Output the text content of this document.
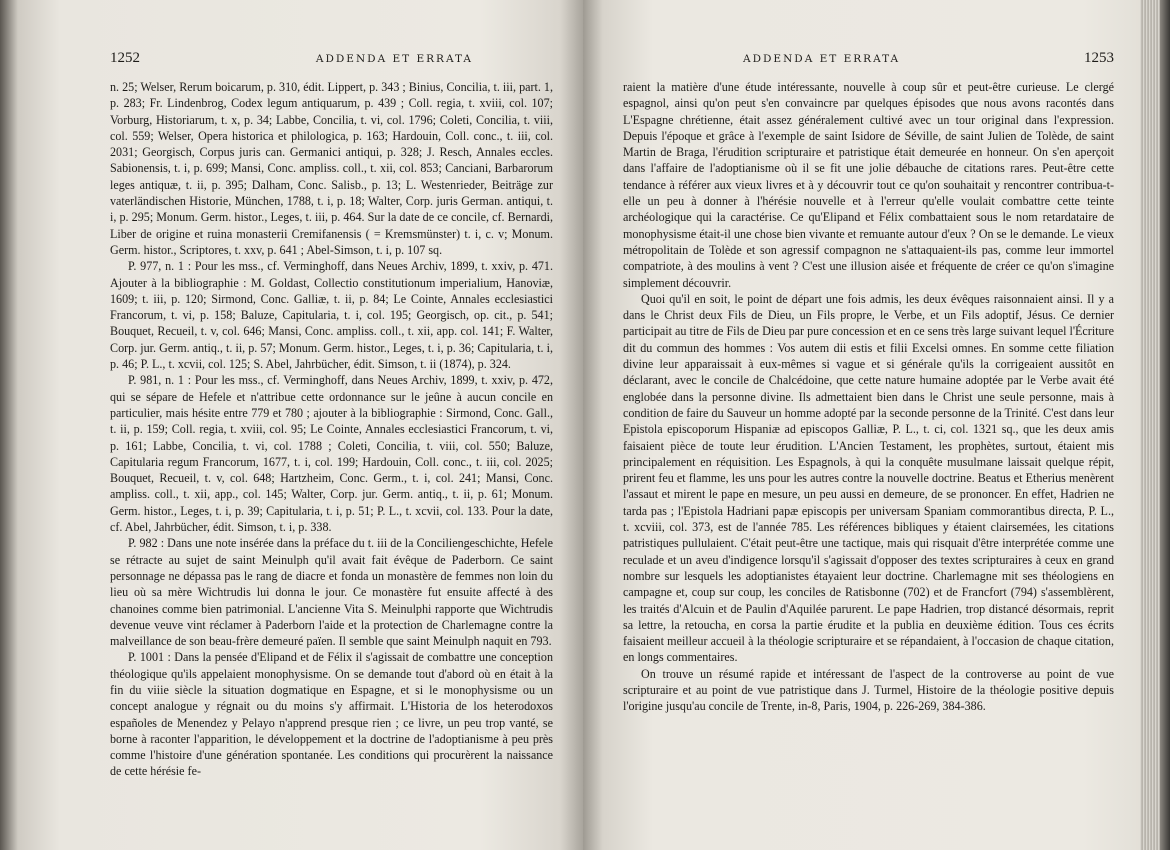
1252	ADDENDA ET ERRATA

n. 25; Welser, Rerum boicarum, p. 310, édit. Lippert, p. 343 ; Binius, Concilia, t. iii, part. 1, p. 283; Fr. Lindenbrog, Codex legum antiquarum, p. 439 ; Coll. regia, t. xviii, col. 107; Vorburg, Historiarum, t. x, p. 34; Labbe, Concilia, t. vi, col. 1796; Coleti, Concilia, t. viii, col. 559; Welser, Opera historica et philologica, p. 163; Hardouin, Coll. conc., t. iii, col. 2031; Georgisch, Corpus juris can. Germanici antiqui, p. 328; J. Resch, Annales eccles. Sabionensis, t. i, p. 699; Mansi, Conc. ampliss. coll., t. xii, col. 853; Canciani, Barbarorum leges antiquæ, t. ii, p. 395; Dalham, Conc. Salisb., p. 13; L. Westenrieder, Beiträge zur vaterländischen Historie, München, 1788, t. i, p. 18; Walter, Corp. juris German. antiqui, t. i, p. 295; Monum. Germ. histor., Leges, t. iii, p. 464. Sur la date de ce concile, cf. Bernardi, Liber de origine et ruina monasterii Cremifanensis ( = Kremsmünster) t. i, c. v; Monum. Germ. histor., Scriptores, t. xxv, p. 641 ; Abel-Simson, t. i, p. 107 sq.

P. 977, n. 1 : Pour les mss., cf. Verminghoff, dans Neues Archiv, 1899, t. xxiv, p. 471. Ajouter à la bibliographie : M. Goldast, Collectio constitutionum imperialium, Hanoviæ, 1609; t. iii, p. 120; Sirmond, Conc. Galliæ, t. ii, p. 84; Le Cointe, Annales ecclesiastici Francorum, t. vi, p. 158; Baluze, Capitularia, t. i, col. 195; Georgisch, op. cit., p. 541; Bouquet, Recueil, t. v, col. 646; Mansi, Conc. ampliss. coll., t. xii, app. col. 141; F. Walter, Corp. jur. Germ. antiq., t. ii, p. 57; Monum. Germ. histor., Leges, t. i, p. 36; Capitularia, t. i, p. 46; P. L., t. xcvii, col. 125; S. Abel, Jahrbücher, édit. Simson, t. ii (1874), p. 324.

P. 981, n. 1 : Pour les mss., cf. Verminghoff, dans Neues Archiv, 1899, t. xxiv, p. 472, qui se sépare de Hefele et n'attribue cette ordonnance sur le jeûne à aucun concile en particulier, mais hésite entre 779 et 780 ; ajouter à la bibliographie : Sirmond, Conc. Gall., t. ii, p. 159; Coll. regia, t. xviii, col. 95; Le Cointe, Annales ecclesiastici Francorum, t. vi, p. 161; Labbe, Concilia, t. vi, col. 1788 ; Coleti, Concilia, t. viii, col. 550; Baluze, Capitularia regum Francorum, 1677, t. i, col. 199; Hardouin, Coll. conc., t. iii, col. 2025; Bouquet, Recueil, t. v, col. 648; Hartzheim, Conc. Germ., t. i, col. 241; Mansi, Conc. ampliss. coll., t. xii, app., col. 145; Walter, Corp. jur. Germ. antiq., t. ii, p. 61; Monum. Germ. histor., Leges, t. i, p. 39; Capitularia, t. i, p. 51; P. L., t. xcvii, col. 133. Pour la date, cf. Abel, Jahrbücher, édit. Simson, t. i, p. 338.

P. 982 : Dans une note insérée dans la préface du t. iii de la Conciliengeschichte, Hefele se rétracte au sujet de saint Meinulph qu'il avait fait évêque de Paderborn. Ce saint personnage ne dépassa pas le rang de diacre et fonda un monastère de femmes non loin du lieu où sa mère Wichtrudis lui donna le jour. Ce monastère fut ensuite affecté à des chanoines comme bien patrimonial. L'ancienne Vita S. Meinulphi rapporte que Wichtrudis devenue veuve vint réclamer à Paderborn l'aide et la protection de Charlemagne contre la malveillance de son beau-frère demeuré païen. Il semble que saint Meinulph naquit en 793.

P. 1001 : Dans la pensée d'Elipand et de Félix il s'agissait de combattre une conception théologique qu'ils appelaient monophysisme. On se demande tout d'abord où en était à la fin du viiie siècle la situation dogmatique en Espagne, et si le monophysisme ou un concept analogue y régnait ou du moins s'y affirmait. L'Historia de los heterodoxos españoles de Menendez y Pelayo n'apprend presque rien ; ce livre, un peu trop vanté, se borne à raconter l'apparition, le développement et la doctrine de l'adoptianisme à peu près comme l'histoire d'une génération spontanée. Les conditions qui procurèrent la naissance de cette hérésie fe-

ADDENDA ET ERRATA	1253

raient la matière d'une étude intéressante, nouvelle à coup sûr et peut-être curieuse. Le clergé espagnol, ainsi qu'on peut s'en convaincre par quelques épisodes que nous avons racontés dans L'Espagne chrétienne, était assez généralement cultivé avec un tour original dans l'expression. Depuis l'époque et grâce à l'exemple de saint Isidore de Séville, de saint Julien de Tolède, de saint Martin de Braga, l'érudition scripturaire et patristique était demeurée en honneur. On s'en aperçoit dans l'affaire de l'adoptianisme où il se fit une jolie débauche de citations rares. Peut-être cette tendance à référer aux vieux livres et à y découvrir tout ce qu'on souhaitait y rencontrer contribua-t-elle un peu à donner à l'hérésie nouvelle et à l'erreur qu'elle voulait combattre cette teinte archéologique qui la caractérise. Ce qu'Elipand et Félix combattaient sous le nom retardataire de monophysisme était-il une chose bien vivante et remuante autour d'eux ? On se le demande. Le vieux métropolitain de Tolède et son agressif compagnon ne s'attaquaient-ils pas, comme leur immortel compatriote, à des moulins à vent ? C'est une illusion aisée et fréquente de créer ce qu'on s'imagine simplement découvrir.

Quoi qu'il en soit, le point de départ une fois admis, les deux évêques raisonnaient ainsi. Il y a dans le Christ deux Fils de Dieu, un Fils propre, le Verbe, et un Fils adoptif, Jésus. Ce dernier participait au titre de Fils de Dieu par pure concession et en ce sens très large suivant lequel l'Écriture dit du commun des hommes : Vos autem dii estis et filii Excelsi omnes. En somme cette filiation divine leur apparaissait à eux-mêmes si vague et si générale qu'ils la corrigeaient aussitôt en déclarant, avec le concile de Chalcédoine, que cette nature humaine adoptée par le Verbe avait été englobée dans la personne divine. Ils admettaient bien dans le Christ une seule personne, mais à condition de faire du Sauveur un homme adopté par la seconde personne de la Trinité. C'est dans leur Epistola episcoporum Hispaniæ ad episcopos Galliæ, P. L., t. ci, col. 1321 sq., que les deux amis faisaient pièce de toute leur érudition. L'Ancien Testament, les prophètes, surtout, étaient mis principalement en réquisition. Les Espagnols, à qui la conquête musulmane laissait quelque répit, prirent feu et flamme, les uns pour les autres contre la nouvelle doctrine. Beatus et Etherius menèrent l'assaut et mirent le pape en mesure, un peu aussi en demeure, de se prononcer. En effet, Hadrien ne tarda pas ; l'Epistola Hadriani papæ episcopis per universam Spaniam commorantibus directa, P. L., t. xcviii, col. 373, est de l'année 785. Les références bibliques y étaient clairsemées, les citations patristiques pullulaient. C'était peut-être une tactique, mais qui risquait d'être interprétée comme une reculade et un aveu d'indigence lorsqu'il s'agissait d'opposer des textes scripturaires à ceux en grand nombre sur lesquels les adoptianistes étayaient leur doctrine. Charlemagne mit ses théologiens en campagne et, coup sur coup, les conciles de Ratisbonne (702) et de Francfort (794) s'assemblèrent, les traités d'Alcuin et de Paulin d'Aquilée parurent. Le pape Hadrien, trop distancé désormais, reprit sa lettre, la retoucha, en corsa la partie érudite et la publia en deuxième édition. Tous ces écrits faisaient meilleur accueil à la théologie scripturaire et se répandaient, à l'occasion de chaque citation, en longs commentaires.

On trouve un résumé rapide et intéressant de l'aspect de la controverse au point de vue scripturaire et au point de vue patristique dans J. Turmel, Histoire de la théologie positive depuis l'origine jusqu'au concile de Trente, in-8, Paris, 1904, p. 226-269, 384-386.
